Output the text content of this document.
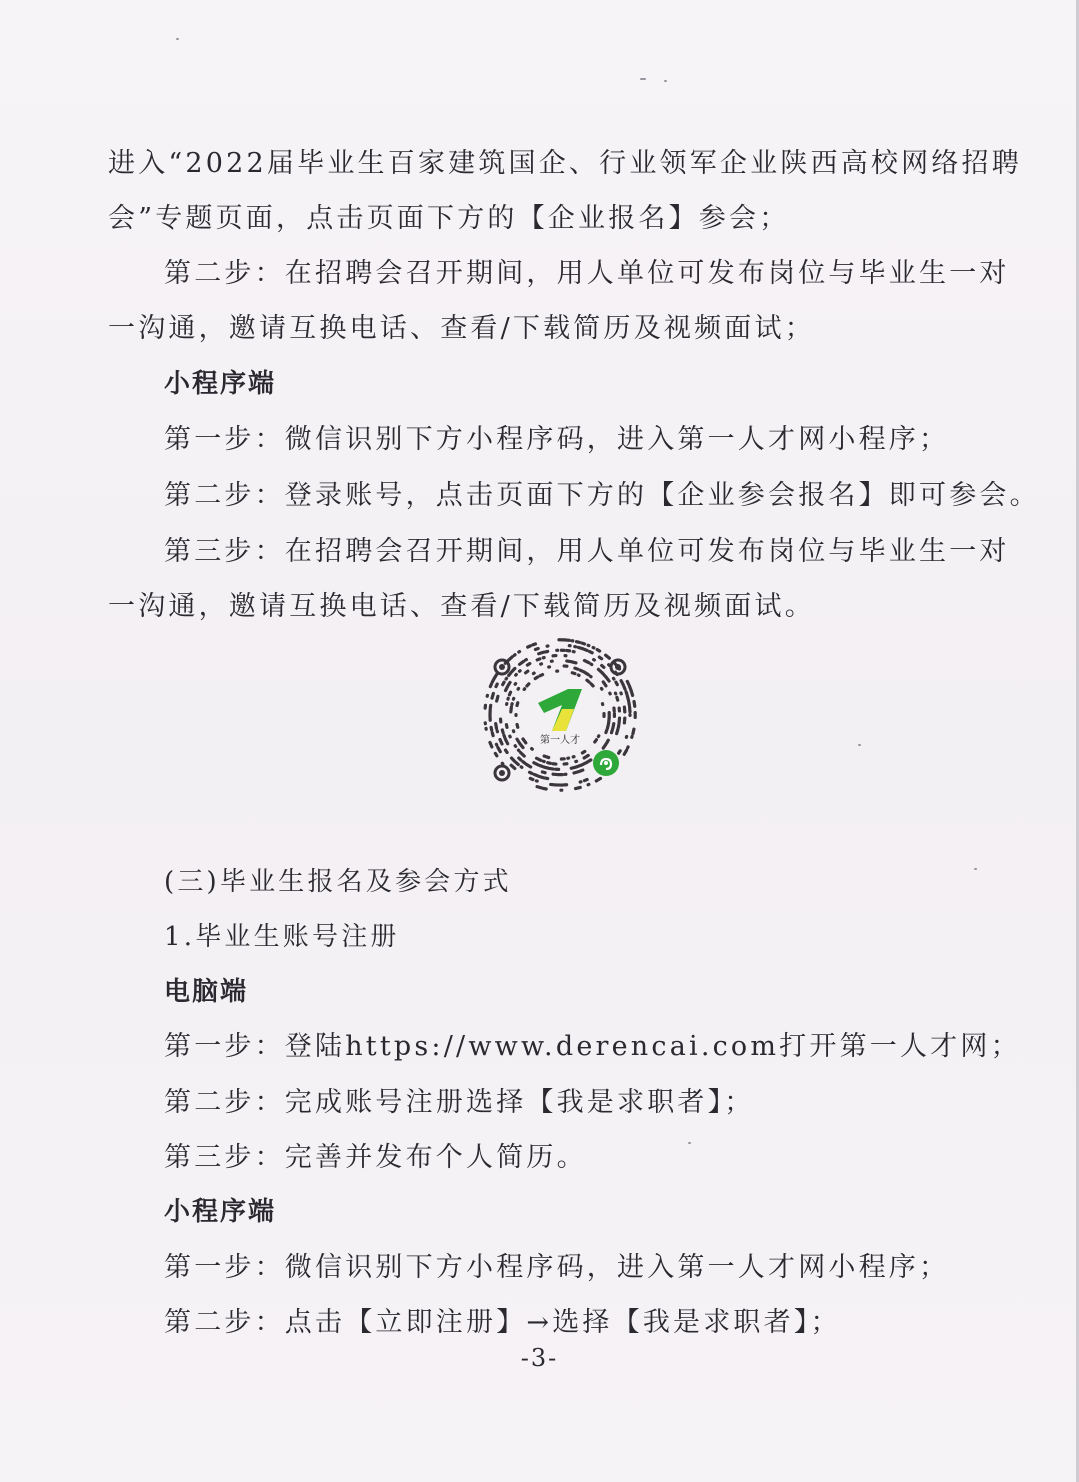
进入“2022届毕业生百家建筑国企、行业领军企业陕西高校网络招聘
会”专题页面，点击页面下方的【企业报名】参会；
第二步：在招聘会召开期间，用人单位可发布岗位与毕业生一对
一沟通，邀请互换电话、查看/下载简历及视频面试；
小程序端
第一步：微信识别下方小程序码，进入第一人才网小程序；
第二步：登录账号，点击页面下方的【企业参会报名】即可参会。
第三步：在招聘会召开期间，用人单位可发布岗位与毕业生一对
一沟通，邀请互换电话、查看/下载简历及视频面试。
第一人才
(三)毕业生报名及参会方式
1.毕业生账号注册
电脑端
第一步：登陆https://www.derencai.com打开第一人才网；
第二步：完成账号注册选择【我是求职者】；
第三步：完善并发布个人简历。
小程序端
第一步：微信识别下方小程序码，进入第一人才网小程序；
第二步：点击【立即注册】→选择【我是求职者】；
-3-
